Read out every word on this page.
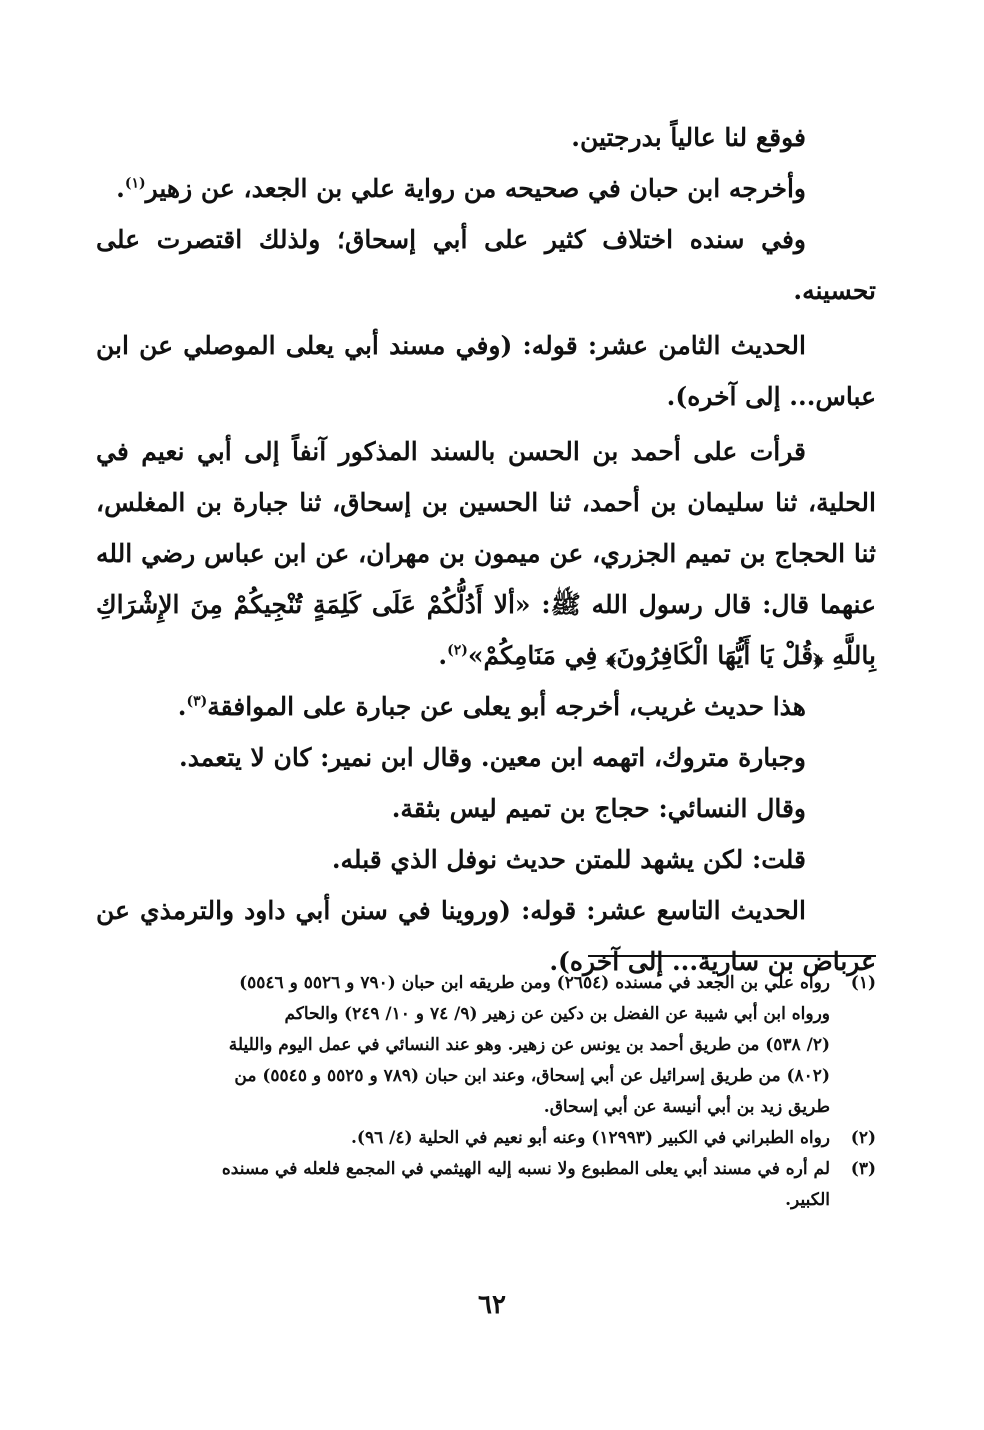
فوقع لنا عالياً بدرجتين.

وأخرجه ابن حبان في صحيحه من رواية علي بن الجعد، عن زهير$^{(١)}$.

وفي سنده اختلاف كثير على أبي إسحاق؛ ولذلك اقتصرت على تحسينه.

الحديث الثامن عشر: قوله: (وفي مسند أبي يعلى الموصلي عن ابن عباس... إلى آخره).

قرأت على أحمد بن الحسن بالسند المذكور آنفاً إلى أبي نعيم في الحلية، ثنا سليمان بن أحمد، ثنا الحسين بن إسحاق، ثنا جبارة بن المغلس، ثنا الحجاج بن تميم الجزري، عن ميمون بن مهران، عن ابن عباس رضي الله عنهما قال: قال رسول الله ﷺ: «ألا أَدُلُّكُمْ عَلَى كَلِمَةٍ تُنْجِيكُمْ مِنَ الإِشْرَاكِ بِاللَّهِ ﴿قُلْ يَا أَيُّهَا الْكَافِرُونَ﴾ فِي مَنَامِكُمْ»$^{(٢)}$.

هذا حديث غريب، أخرجه أبو يعلى عن جبارة على الموافقة$^{(٣)}$.

وجبارة متروك، اتهمه ابن معين. وقال ابن نمير: كان لا يتعمد.

وقال النسائي: حجاج بن تميم ليس بثقة.

قلت: لكن يشهد للمتن حديث نوفل الذي قبله.

الحديث التاسع عشر: قوله: (وروينا في سنن أبي داود والترمذي عن عرباض بن سارية... إلى آخره).

(١)
رواه علي بن الجعد في مسنده (٢٦٥٤) ومن طريقه ابن حبان (٧٩٠ و ٥٥٢٦ و ٥٥٤٦)
ورواه ابن أبي شيبة عن الفضل بن دكين عن زهير (٩/ ٧٤ و ١٠/ ٢٤٩) والحاكم
(٢/ ٥٣٨) من طريق أحمد بن يونس عن زهير. وهو عند النسائي في عمل اليوم والليلة
(٨٠٢) من طريق إسرائيل عن أبي إسحاق، وعند ابن حبان (٧٨٩ و ٥٥٢٥ و ٥٥٤٥) من
طريق زيد بن أبي أنيسة عن أبي إسحاق.
(٢)
رواه الطبراني في الكبير (١٢٩٩٣) وعنه أبو نعيم في الحلية (٤/ ٩٦).
(٣)
لم أره في مسند أبي يعلى المطبوع ولا نسبه إليه الهيثمي في المجمع فلعله في مسنده
الكبير.
٦٢
